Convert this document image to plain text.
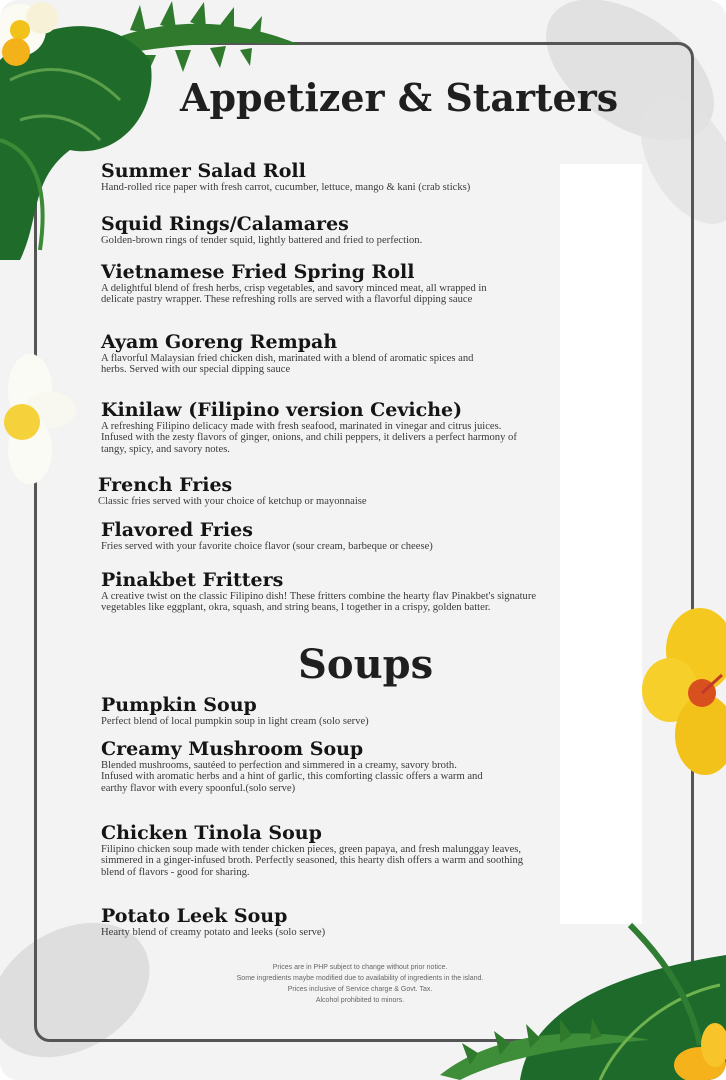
Appetizer & Starters
Soups
Summer Salad Roll

Hand-rolled rice paper with fresh carrot, cucumber, lettuce, mango & kani (crab sticks)

Squid Rings/Calamares

Golden-brown rings of tender squid, lightly battered and fried to perfection.

Vietnamese Fried Spring Roll

A delightful blend of fresh herbs, crisp vegetables, and savory minced meat, all wrapped in delicate pastry wrapper. These refreshing rolls are served with a flavorful dipping sauce

Ayam Goreng Rempah

A flavorful Malaysian fried chicken dish, marinated with a blend of aromatic spices and herbs. Served with our special dipping sauce

Kinilaw (Filipino version Ceviche)

A refreshing Filipino delicacy made with fresh seafood, marinated in vinegar and citrus juices. Infused with the zesty flavors of ginger, onions, and chili peppers, it delivers a perfect harmony of tangy, spicy, and savory notes.

French Fries

Classic fries served with your choice of ketchup or mayonnaise

Flavored Fries

Fries served with your favorite choice flavor (sour cream, barbeque or cheese)

Pinakbet Fritters

A creative twist on the classic Filipino dish! These fritters combine the hearty flav Pinakbet's signature vegetables like eggplant, okra, squash, and string beans, l together in a crispy, golden batter.

Pumpkin Soup

Perfect blend of local pumpkin soup in light cream (solo serve)

Creamy Mushroom Soup

Blended mushrooms, sautéed to perfection and simmered in a creamy, savory broth. Infused with aromatic herbs and a hint of garlic, this comforting classic offers a warm and earthy flavor with every spoonful.(solo serve)

Chicken Tinola Soup

Filipino chicken soup made with tender chicken pieces, green papaya, and fresh malunggay leaves, simmered in a ginger-infused broth. Perfectly seasoned, this hearty dish offers a warm and soothing blend of flavors - good for sharing.

Potato Leek Soup

Hearty blend of creamy potato and leeks (solo serve)

Prices are in PHP subject to change without prior notice.
Some ingredients maybe modified due to availability of ingredients in the island.
Prices inclusive of Service charge & Govt. Tax.
Alcohol prohibited to minors.
